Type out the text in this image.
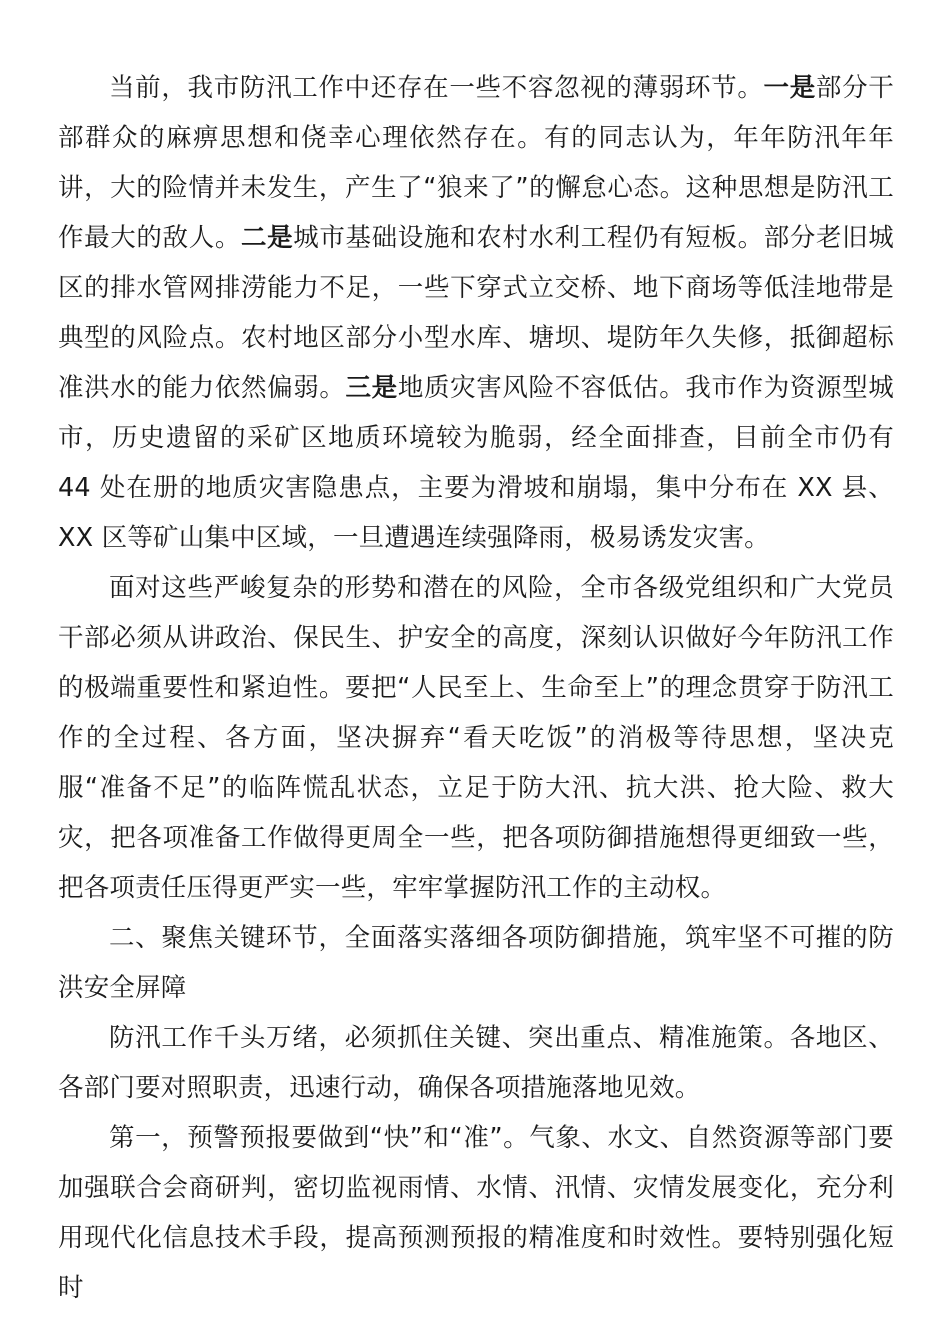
当前，我市防汛工作中还存在一些不容忽视的薄弱环节。一是部分干部群众的麻痹思想和侥幸心理依然存在。有的同志认为，年年防汛年年讲，大的险情并未发生，产生了“狼来了”的懈怠心态。这种思想是防汛工作最大的敌人。二是城市基础设施和农村水利工程仍有短板。部分老旧城区的排水管网排涝能力不足，一些下穿式立交桥、地下商场等低洼地带是典型的风险点。农村地区部分小型水库、塘坝、堤防年久失修，抵御超标准洪水的能力依然偏弱。三是地质灾害风险不容低估。我市作为资源型城市，历史遗留的采矿区地质环境较为脆弱，经全面排查，目前全市仍有 44 处在册的地质灾害隐患点，主要为滑坡和崩塌，集中分布在 XX 县、XX 区等矿山集中区域，一旦遭遇连续强降雨，极易诱发灾害。

面对这些严峻复杂的形势和潜在的风险，全市各级党组织和广大党员干部必须从讲政治、保民生、护安全的高度，深刻认识做好今年防汛工作的极端重要性和紧迫性。要把“人民至上、生命至上”的理念贯穿于防汛工作的全过程、各方面，坚决摒弃“看天吃饭”的消极等待思想，坚决克服“准备不足”的临阵慌乱状态，立足于防大汛、抗大洪、抢大险、救大灾，把各项准备工作做得更周全一些，把各项防御措施想得更细致一些，把各项责任压得更严实一些，牢牢掌握防汛工作的主动权。

二、聚焦关键环节，全面落实落细各项防御措施，筑牢坚不可摧的防洪安全屏障

防汛工作千头万绪，必须抓住关键、突出重点、精准施策。各地区、各部门要对照职责，迅速行动，确保各项措施落地见效。

第一，预警预报要做到“快”和“准”。气象、水文、自然资源等部门要加强联合会商研判，密切监视雨情、水情、汛情、灾情发展变化，充分利用现代化信息技术手段，提高预测预报的精准度和时效性。要特别强化短时
